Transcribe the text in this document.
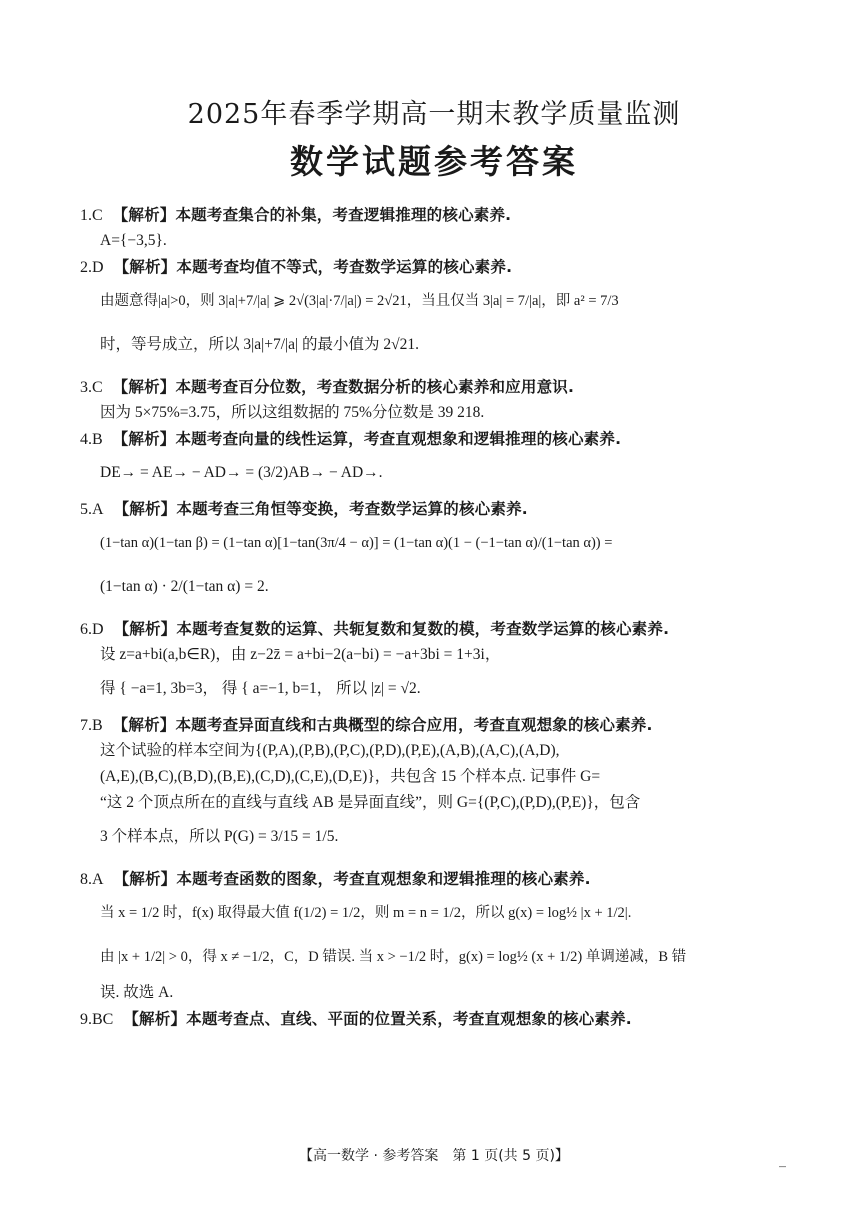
2025年春季学期高一期末教学质量监测
数学试题参考答案
1.C 【解析】本题考查集合的补集，考查逻辑推理的核心素养.
A={−3,5}.
2.D 【解析】本题考查均值不等式，考查数学运算的核心素养.
由题意得|a|>0，则 3|a|+7/|a| ⩾ 2√(3|a|·7/|a|) = 2√21，当且仅当 3|a| = 7/|a|，即 a² = 7/3
时，等号成立，所以 3|a|+7/|a| 的最小值为 2√21.
3.C 【解析】本题考查百分位数，考查数据分析的核心素养和应用意识.
因为 5×75%=3.75，所以这组数据的 75%分位数是 39 218.
4.B 【解析】本题考查向量的线性运算，考查直观想象和逻辑推理的核心素养.
DE→ = AE→ − AD→ = (3/2)AB→ − AD→.
5.A 【解析】本题考查三角恒等变换，考查数学运算的核心素养.
(1−tan α)(1−tan β) = (1−tan α)[1−tan(3π/4 − α)] = (1−tan α)(1 − (−1−tan α)/(1−tan α)) =
(1−tan α) · 2/(1−tan α) = 2.
6.D 【解析】本题考查复数的运算、共轭复数和复数的模，考查数学运算的核心素养.
设 z=a+bi(a,b∈R)，由 z−2z̄ = a+bi−2(a−bi) = −a+3bi = 1+3i，
得 { −a=1, 3b=3， 得 { a=−1, b=1， 所以 |z| = √2.
7.B 【解析】本题考查异面直线和古典概型的综合应用，考查直观想象的核心素养.
这个试验的样本空间为{(P,A),(P,B),(P,C),(P,D),(P,E),(A,B),(A,C),(A,D),
(A,E),(B,C),(B,D),(B,E),(C,D),(C,E),(D,E)}，共包含 15 个样本点. 记事件 G=
“这 2 个顶点所在的直线与直线 AB 是异面直线”，则 G={(P,C),(P,D),(P,E)}，包含
3 个样本点，所以 P(G) = 3/15 = 1/5.
8.A 【解析】本题考查函数的图象，考查直观想象和逻辑推理的核心素养.
当 x = 1/2 时，f(x) 取得最大值 f(1/2) = 1/2，则 m = n = 1/2，所以 g(x) = log½ |x + 1/2|.
由 |x + 1/2| > 0，得 x ≠ −1/2，C，D 错误. 当 x > −1/2 时，g(x) = log½ (x + 1/2) 单调递减，B 错
误. 故选 A.
9.BC 【解析】本题考查点、直线、平面的位置关系，考查直观想象的核心素养.
【高一数学 · 参考答案　第 1 页(共 5 页)】	_
